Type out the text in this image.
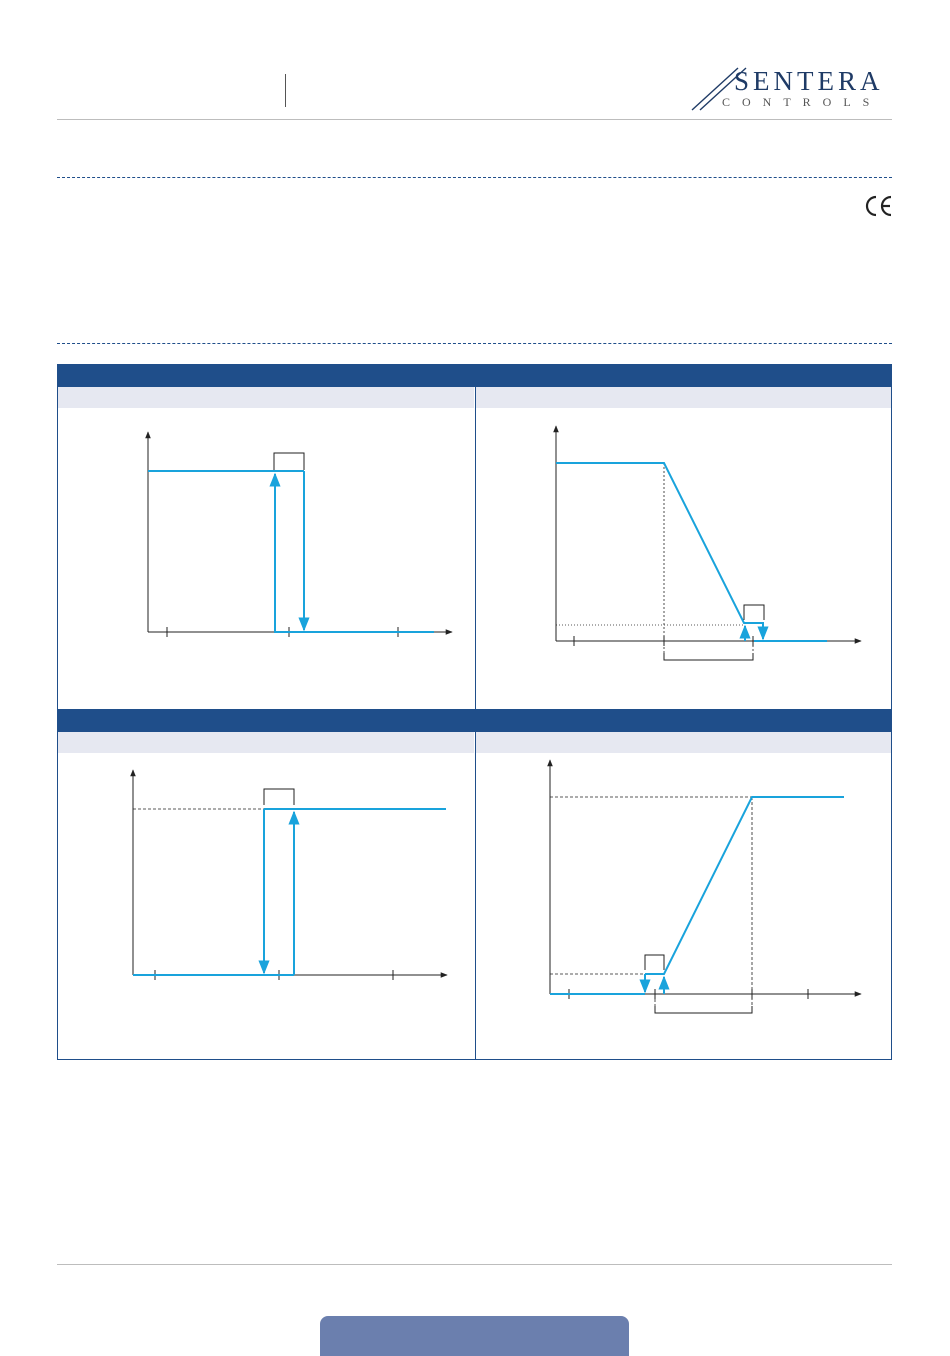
SENTERA
CONTROLS
